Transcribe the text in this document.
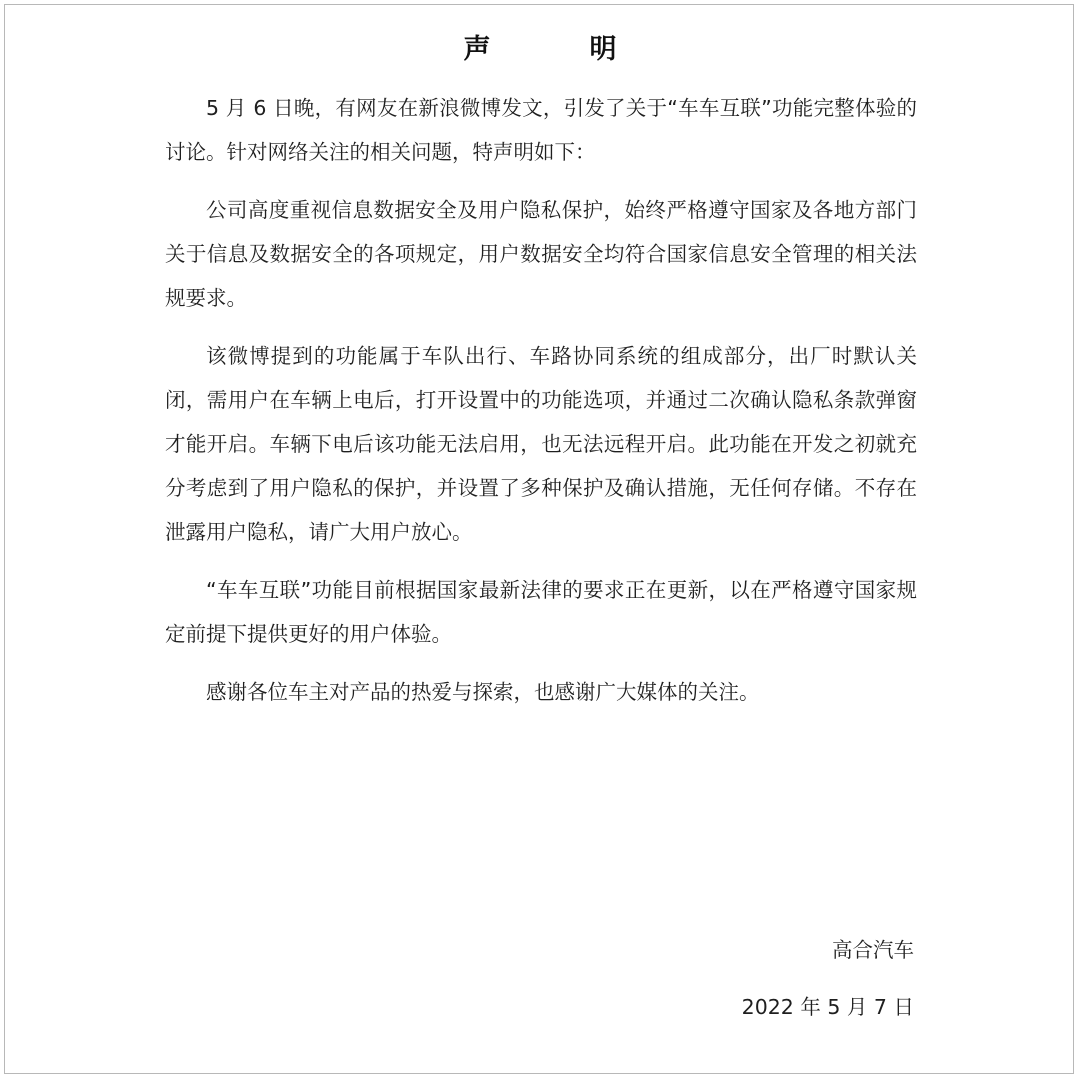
声　明

5 月 6 日晚，有网友在新浪微博发文，引发了关于“车车互联”功能完整体验的讨论。针对网络关注的相关问题，特声明如下：

公司高度重视信息数据安全及用户隐私保护，始终严格遵守国家及各地方部门关于信息及数据安全的各项规定，用户数据安全均符合国家信息安全管理的相关法规要求。

该微博提到的功能属于车队出行、车路协同系统的组成部分，出厂时默认关闭，需用户在车辆上电后，打开设置中的功能选项，并通过二次确认隐私条款弹窗才能开启。车辆下电后该功能无法启用，也无法远程开启。此功能在开发之初就充分考虑到了用户隐私的保护，并设置了多种保护及确认措施，无任何存储。不存在泄露用户隐私，请广大用户放心。

“车车互联”功能目前根据国家最新法律的要求正在更新，以在严格遵守国家规定前提下提供更好的用户体验。

感谢各位车主对产品的热爱与探索，也感谢广大媒体的关注。

高合汽车
2022 年 5 月 7 日
